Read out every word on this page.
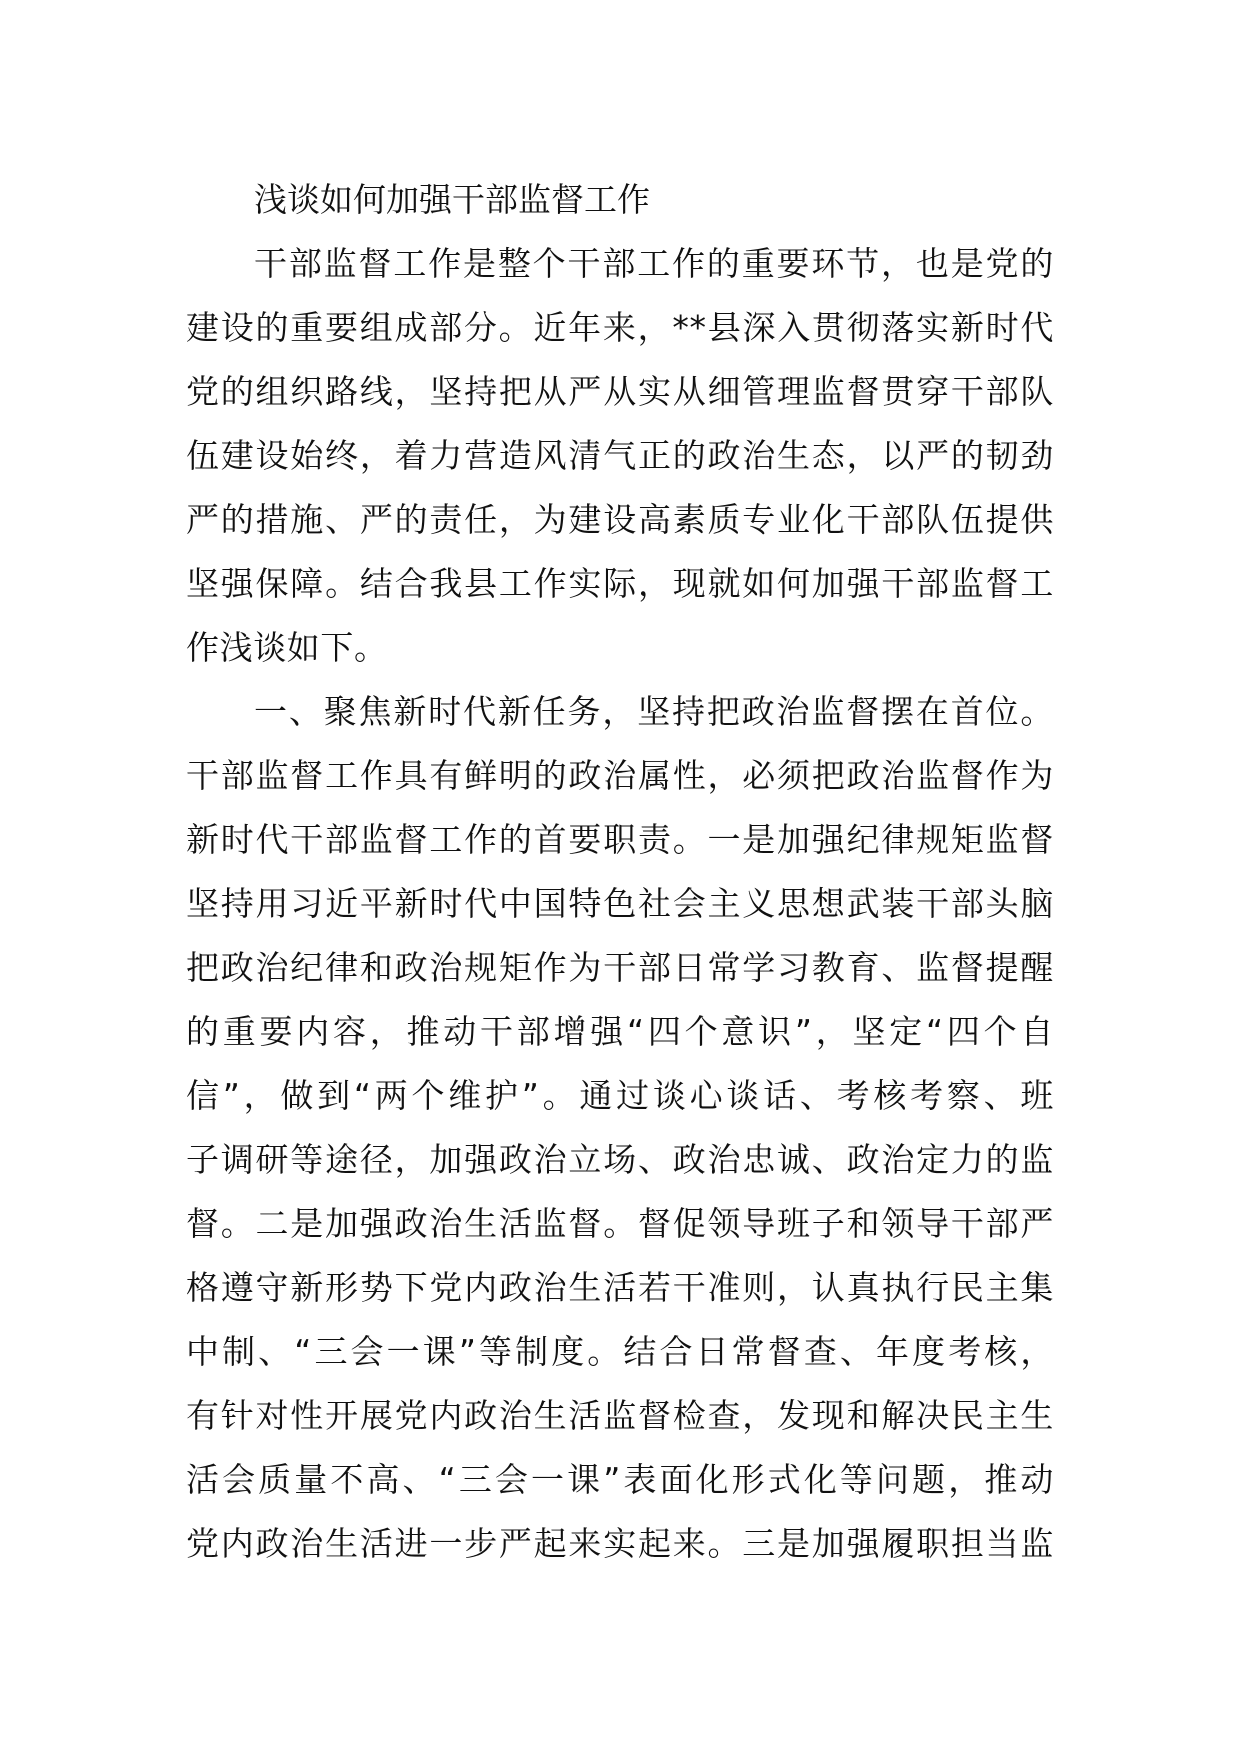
浅谈如何加强干部监督工作
干部监督工作是整个干部工作的重要环节，也是党的
建设的重要组成部分。近年来，**县深入贯彻落实新时代
党的组织路线，坚持把从严从实从细管理监督贯穿干部队
伍建设始终，着力营造风清气正的政治生态，以严的韧劲
严的措施、严的责任，为建设高素质专业化干部队伍提供
坚强保障。结合我县工作实际，现就如何加强干部监督工
作浅谈如下。
一、聚焦新时代新任务，坚持把政治监督摆在首位。
干部监督工作具有鲜明的政治属性，必须把政治监督作为
新时代干部监督工作的首要职责。一是加强纪律规矩监督
坚持用习近平新时代中国特色社会主义思想武装干部头脑
把政治纪律和政治规矩作为干部日常学习教育、监督提醒
的重要内容，推动干部增强“四个意识”，坚定“四个自
信”，做到“两个维护”。通过谈心谈话、考核考察、班
子调研等途径，加强政治立场、政治忠诚、政治定力的监
督。二是加强政治生活监督。督促领导班子和领导干部严
格遵守新形势下党内政治生活若干准则，认真执行民主集
中制、“三会一课”等制度。结合日常督查、年度考核，
有针对性开展党内政治生活监督检查，发现和解决民主生
活会质量不高、“三会一课”表面化形式化等问题，推动
党内政治生活进一步严起来实起来。三是加强履职担当监
